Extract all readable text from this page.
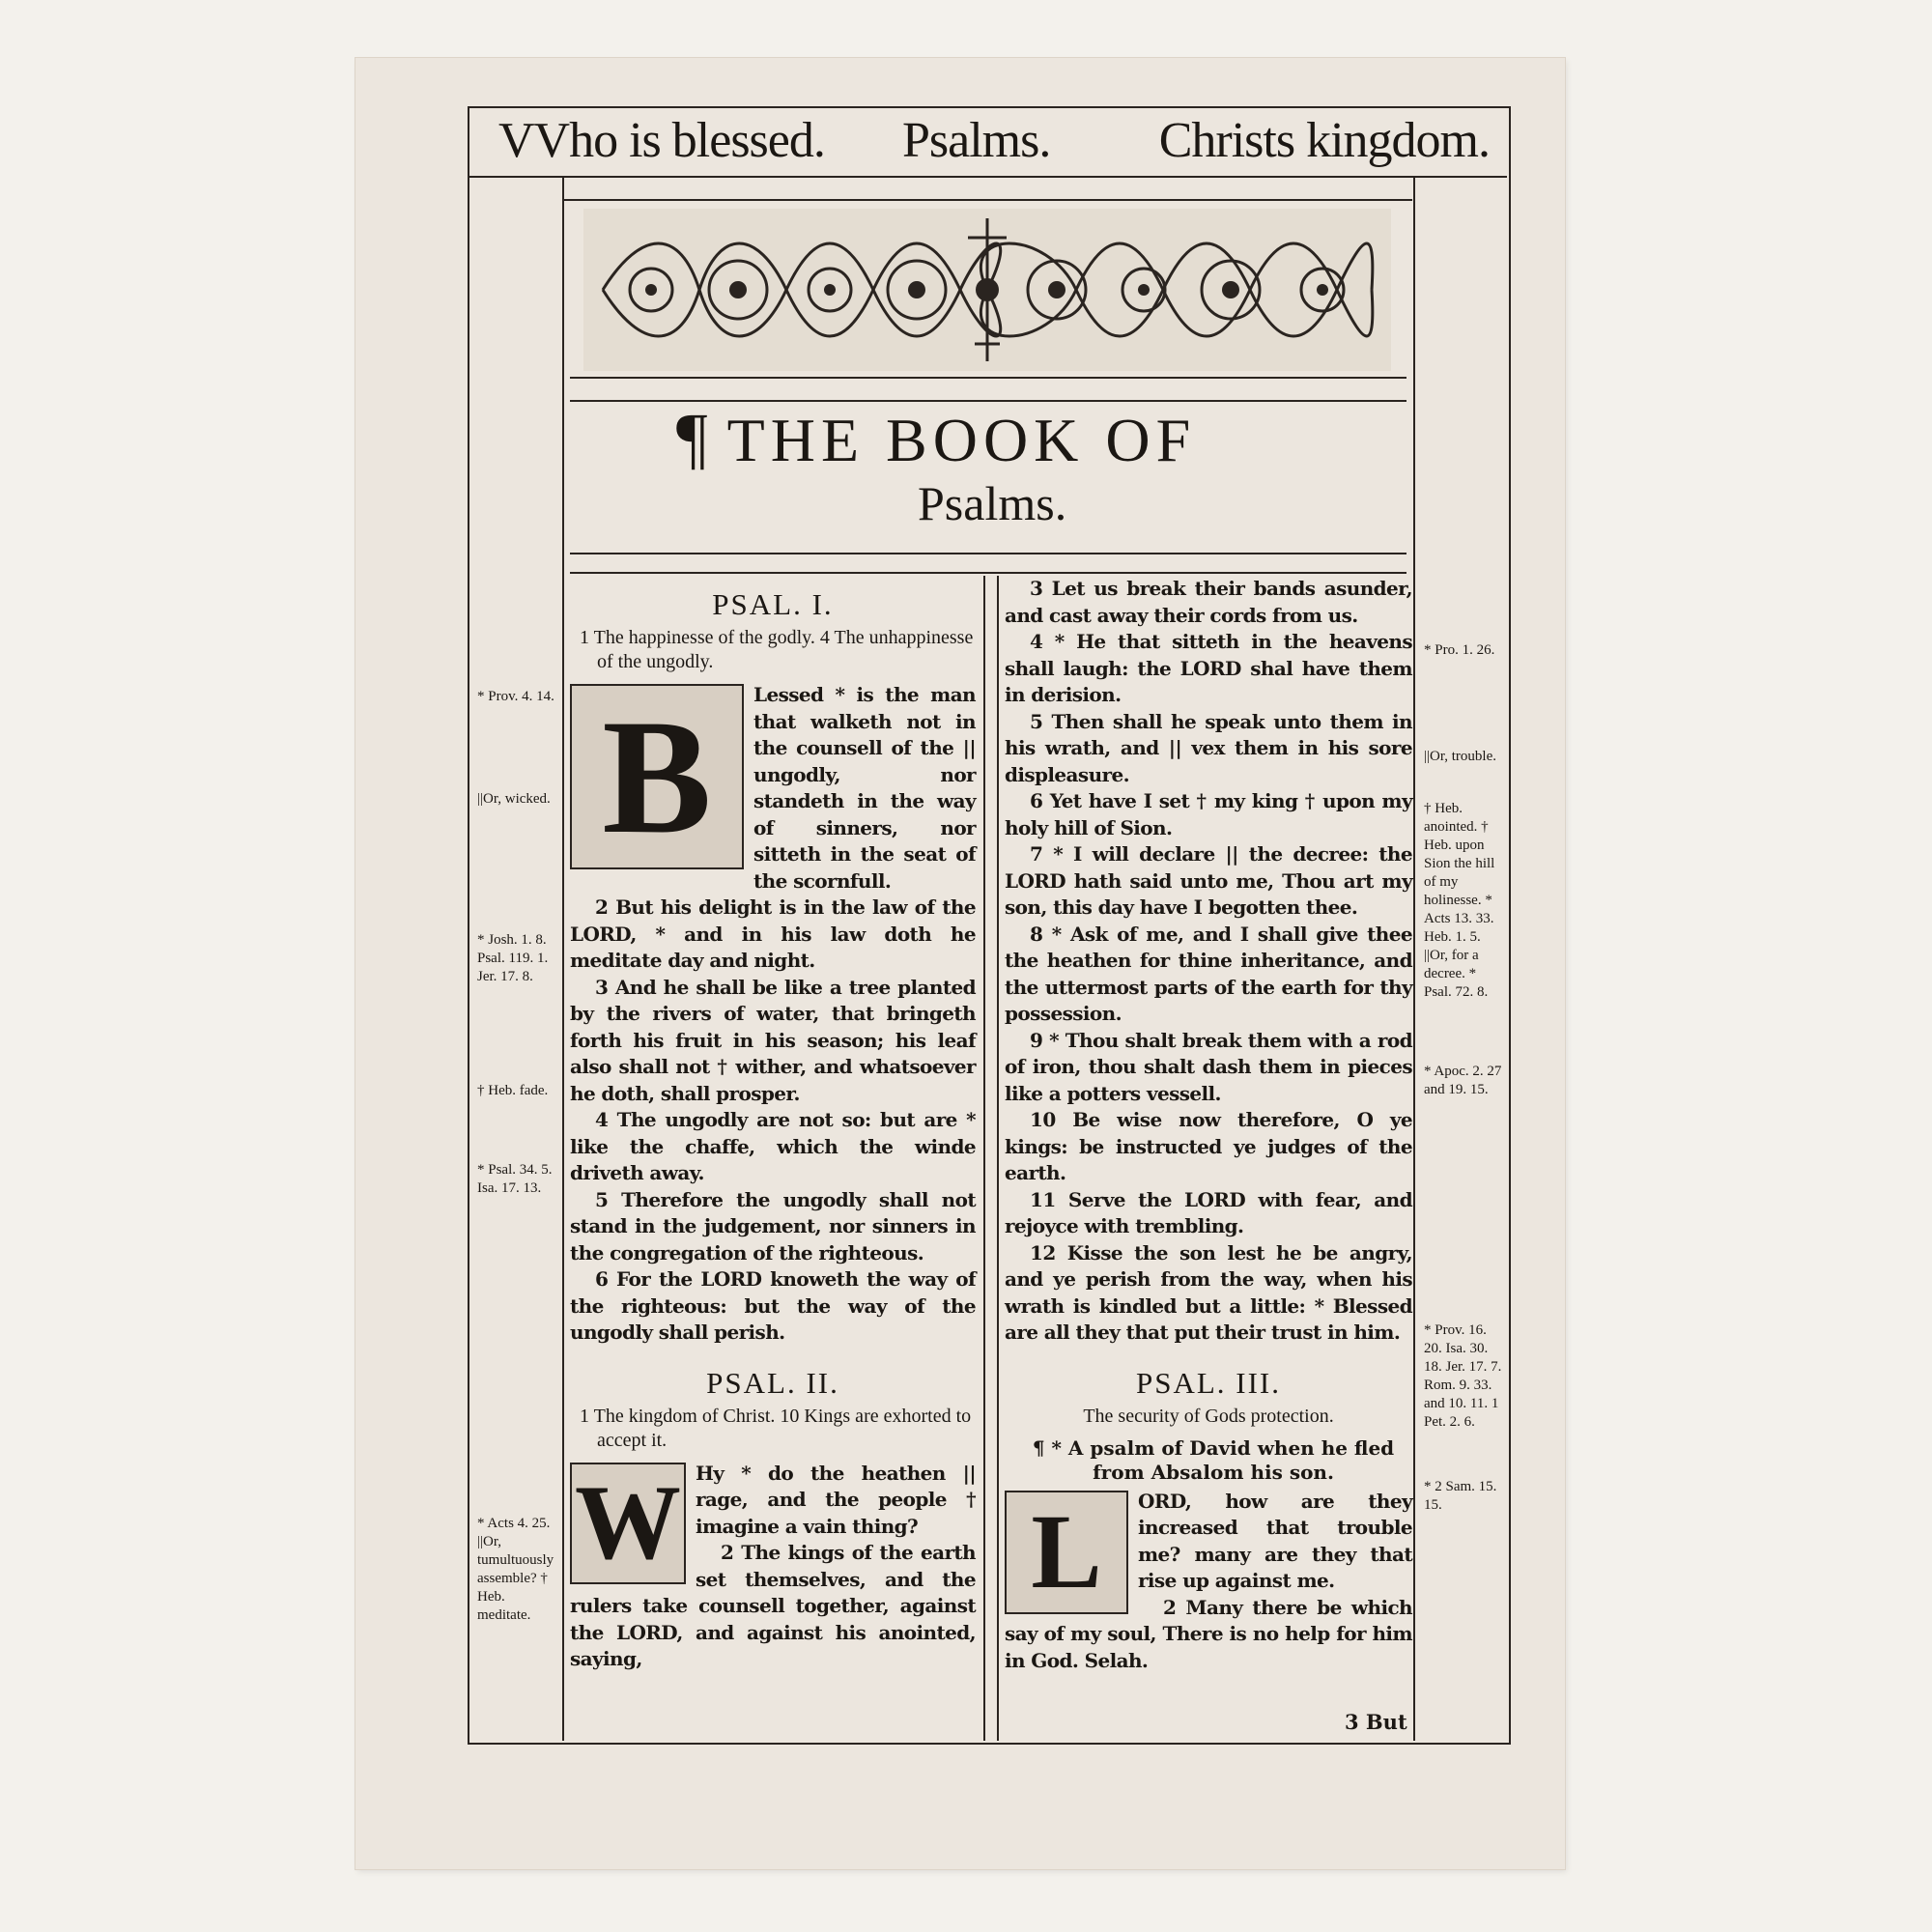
VVho is blessed. Psalms. Christs kingdom.
¶ THE BOOK OF
Psalms.
PSAL. I.
1 The happinesse of the godly. 4 The unhappinesse of the ungodly.
B	Lessed * is the man that walketh not in the counsell of the || ungodly, nor standeth in the way of sinners, nor sitteth in the seat of the scornfull.

2 But his delight is in the law of the LORD, * and in his law doth he meditate day and night.

3 And he shall be like a tree planted by the rivers of water, that bringeth forth his fruit in his season; his leaf also shall not † wither, and whatsoever he doth, shall prosper.

4 The ungodly are not so: but are * like the chaffe, which the winde driveth away.

5 Therefore the ungodly shall not stand in the judgement, nor sinners in the congregation of the righteous.

6 For the LORD knoweth the way of the righteous: but the way of the ungodly shall perish.

PSAL. II.
1 The kingdom of Christ. 10 Kings are exhorted to accept it.
W Hy * do the heathen || rage, and the people † imagine a vain thing?

2 The kings of the earth set themselves, and the rulers take counsell together, against the LORD, and against his anointed, saying,

3 Let us break their bands asunder, and cast away their cords from us.

4 * He that sitteth in the heavens shall laugh: the LORD shal have them in derision.

5 Then shall he speak unto them in his wrath, and || vex them in his sore displeasure.

6 Yet have I set † my king † upon my holy hill of Sion.

7 * I will declare || the decree: the LORD hath said unto me, Thou art my son, this day have I begotten thee.

8 * Ask of me, and I shall give thee the heathen for thine inheritance, and the uttermost parts of the earth for thy possession.

9 * Thou shalt break them with a rod of iron, thou shalt dash them in pieces like a potters vessell.

10 Be wise now therefore, O ye kings: be instructed ye judges of the earth.

11 Serve the LORD with fear, and rejoyce with trembling.

12 Kisse the son lest he be angry, and ye perish from the way, when his wrath is kindled but a little: * Blessed are all they that put their trust in him.

PSAL. III.
The security of Gods protection.
¶ * A psalm of David when he fled from Absalom his son.
L	ORD, how are they increased that trouble me? many are they that rise up against me.

2 Many there be which say of my soul, There is no help for him in God. Selah.

3 But
* Prov. 4. 14.
||Or, wicked.
* Josh. 1. 8. Psal. 119. 1. Jer. 17. 8.
† Heb. fade.
* Psal. 34. 5. Isa. 17. 13.
* Acts 4. 25. ||Or, tumultuously assemble? † Heb. meditate.
* Pro. 1. 26.
||Or, trouble.
† Heb. anointed. † Heb. upon Sion the hill of my holinesse. * Acts 13. 33. Heb. 1. 5. ||Or, for a decree. * Psal. 72. 8.
* Apoc. 2. 27 and 19. 15.
* Prov. 16. 20. Isa. 30. 18. Jer. 17. 7. Rom. 9. 33. and 10. 11. 1 Pet. 2. 6.
* 2 Sam. 15. 15.
